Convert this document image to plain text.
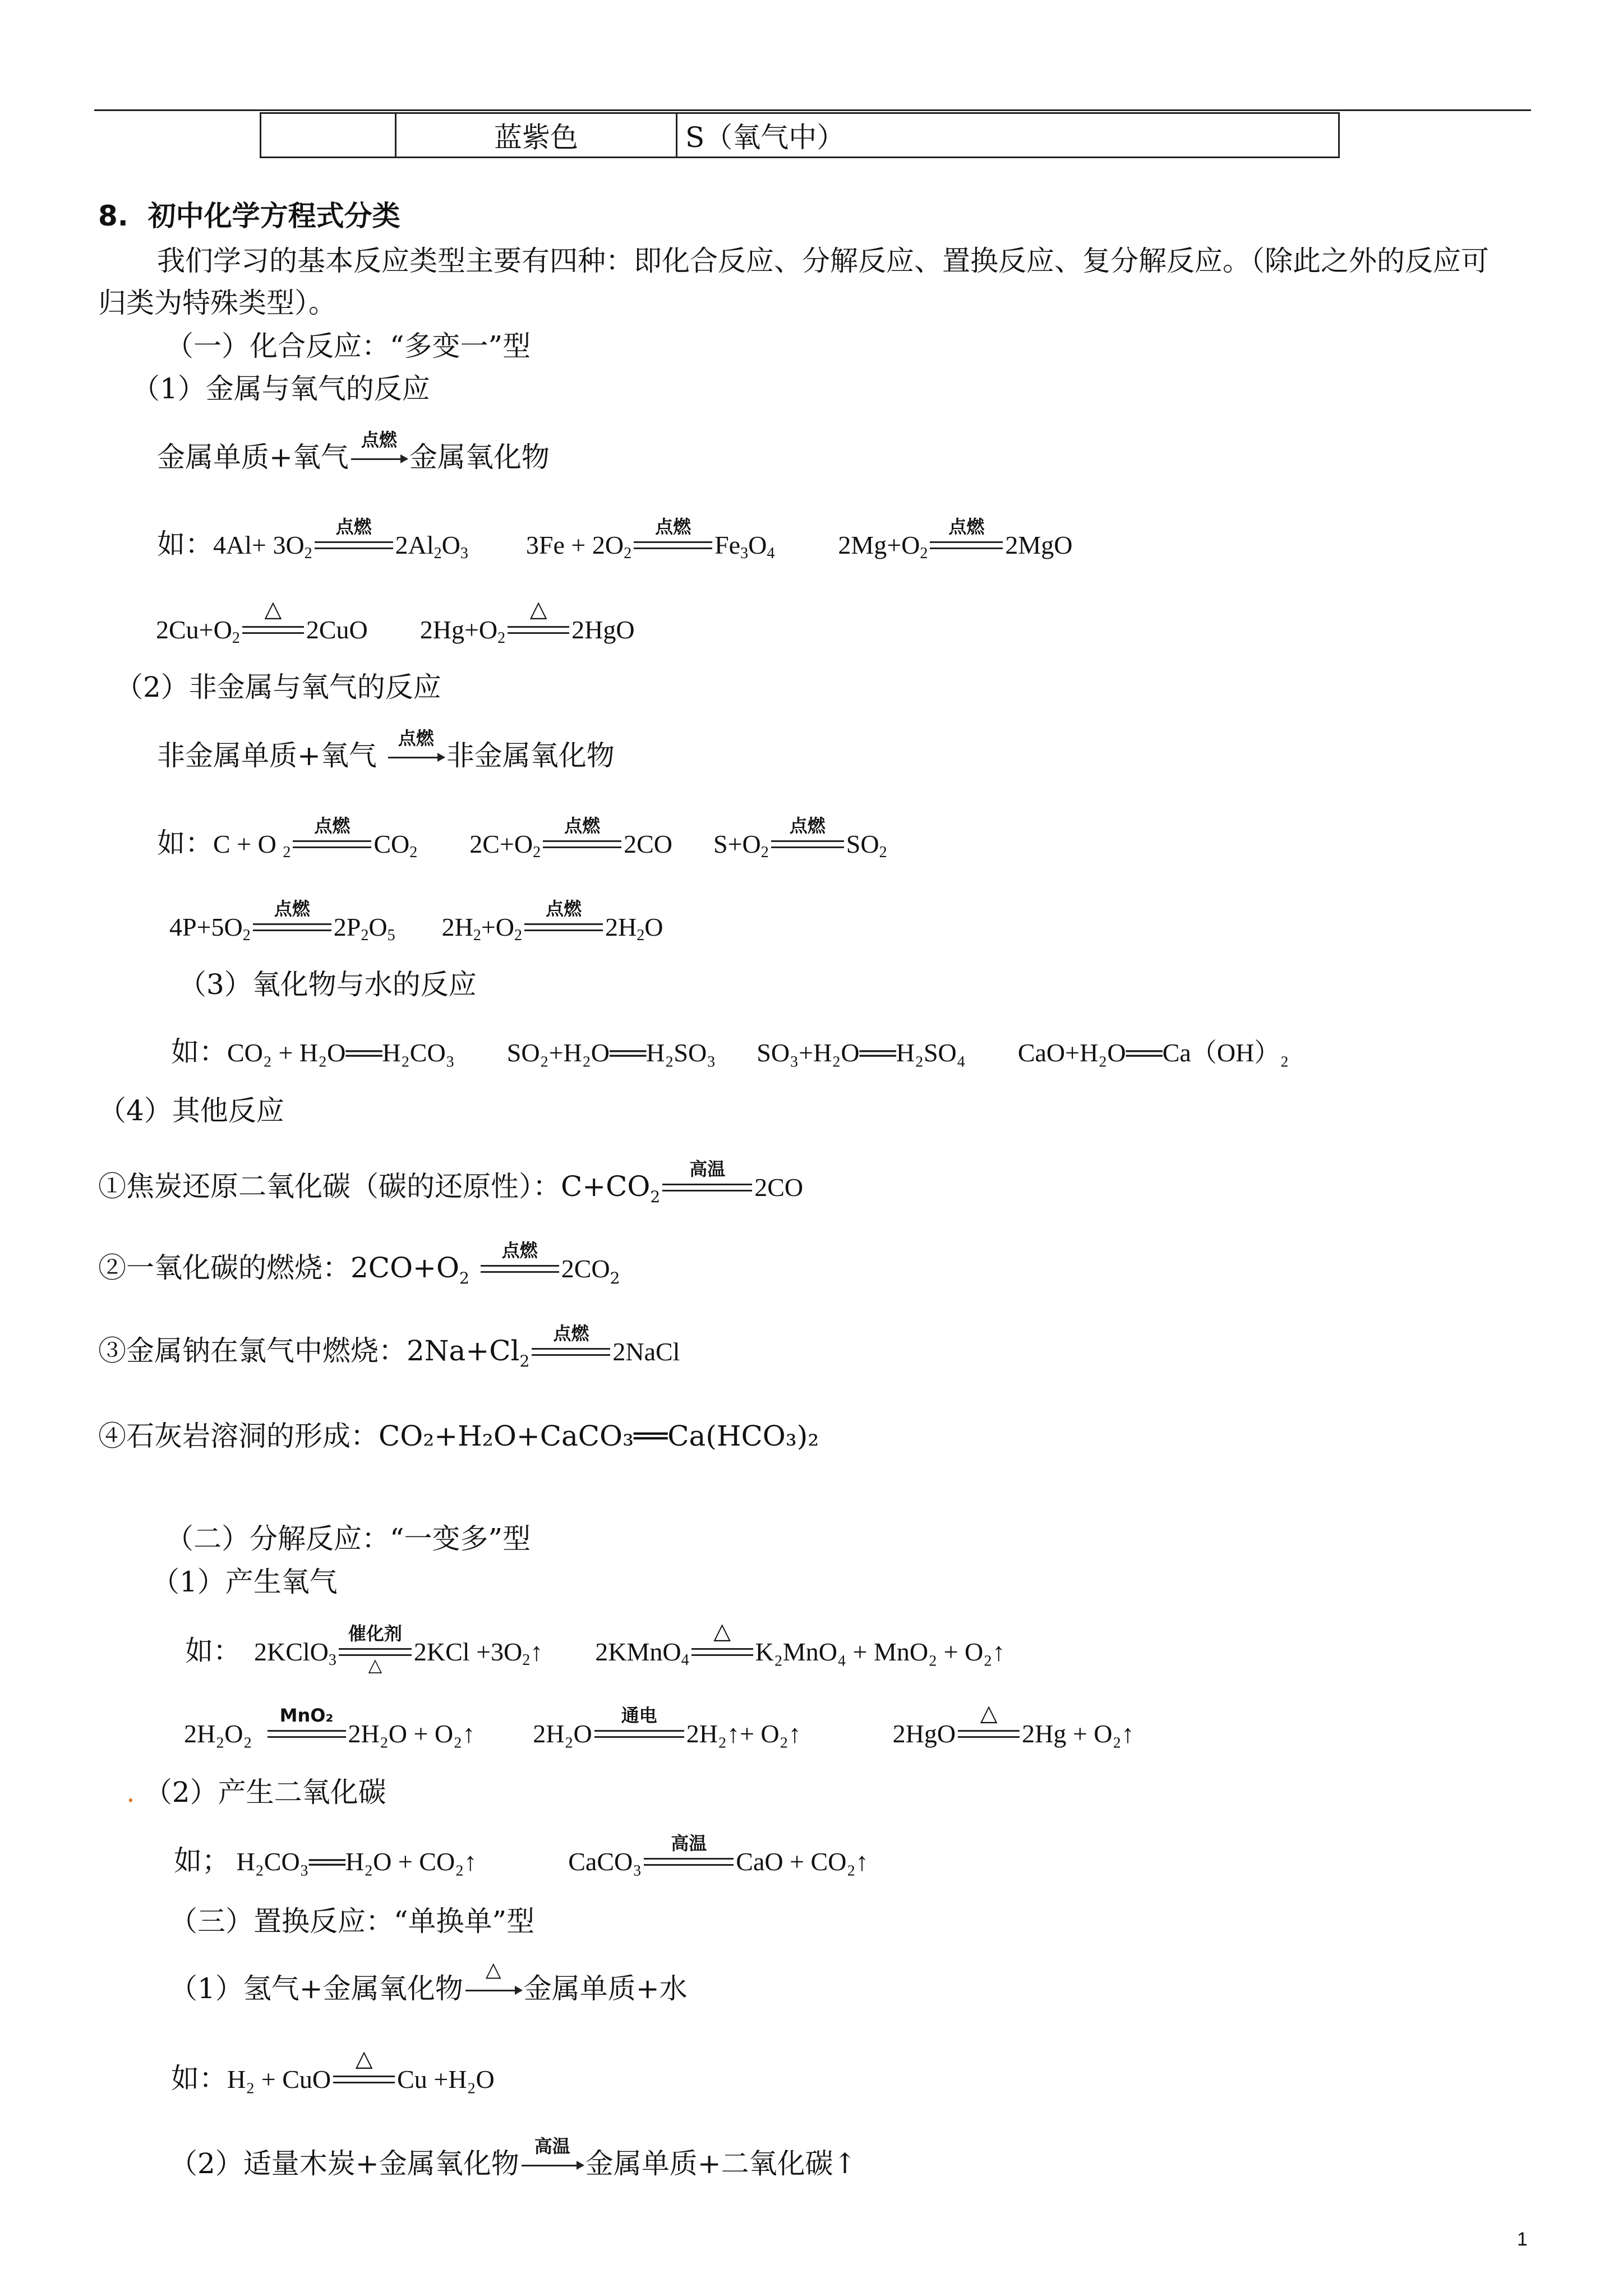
	蓝紫色	S（氧气中）
8. 初中化学方程式分类
我们学习的基本反应类型主要有四种：即化合反应、分解反应、置换反应、复分解反应。（除此之外的反应可
归类为特殊类型）。
（一）化合反应：“多变一”型
（1）金属与氧气的反应
金属单质+氧气
点燃
金属氧化物
如：$4Al+ 3O_2$
点燃
$2Al_2O_3$ $3Fe + 2O_2$
点燃
$Fe_3O_4$ $2Mg+O_2$
点燃
2MgO
$2Cu+O_2$
△
2CuO $2Hg+O_2$
△
2HgO
（2）非金属与氧气的反应
非金属单质+氧气
点燃
非金属氧化物
如：C + O $_2$
点燃
$CO_2$ $2C+O_2$
点燃
2CO $S+O_2$
点燃
$SO_2$
$4P+5O_2$
点燃
$2P_2O_5$ $2H_2+O_2$
点燃
$2H_2O$
（3）氧化物与水的反应
如：CO₂ + H₂O══H₂CO₃ SO₂+H₂O══H₂SO₃ SO₃+H₂O══H₂SO₄ CaO+H₂O══Ca（OH）₂
（4）其他反应
①焦炭还原二氧化碳（碳的还原性）：$C+CO_2$
高温
2CO
②一氧化碳的燃烧：$2CO+O_2$
点燃
$2CO_2$
③金属钠在氯气中燃烧：$2Na+Cl_2$
点燃
2NaCl
④石灰岩溶洞的形成：CO₂+H₂O+CaCO₃══Ca(HCO₃)₂
（二）分解反应：“一变多”型
（1）产生氧气
如： 2KClO$_3$
催化剂
△	$2KCl +3O_2↑$ 2KMnO$_4$
△
K₂MnO₄ + MnO₂ + O₂↑
2H₂O₂
MnO₂
2H₂O + O₂↑ 2H₂O
通电
2H₂↑+ O₂↑	2HgO
△
2Hg + O₂↑
. （2）产生二氧化碳
如； H₂CO₃══H₂O + CO₂↑	CaCO₃
高温
CaO + CO₂↑
（三）置换反应：“单换单”型
（1）氢气+金属氧化物
△
金属单质+水
如：H₂ + CuO
△
Cu +H₂O
（2）适量木炭+金属氧化物
高温
金属单质+二氧化碳↑
1
